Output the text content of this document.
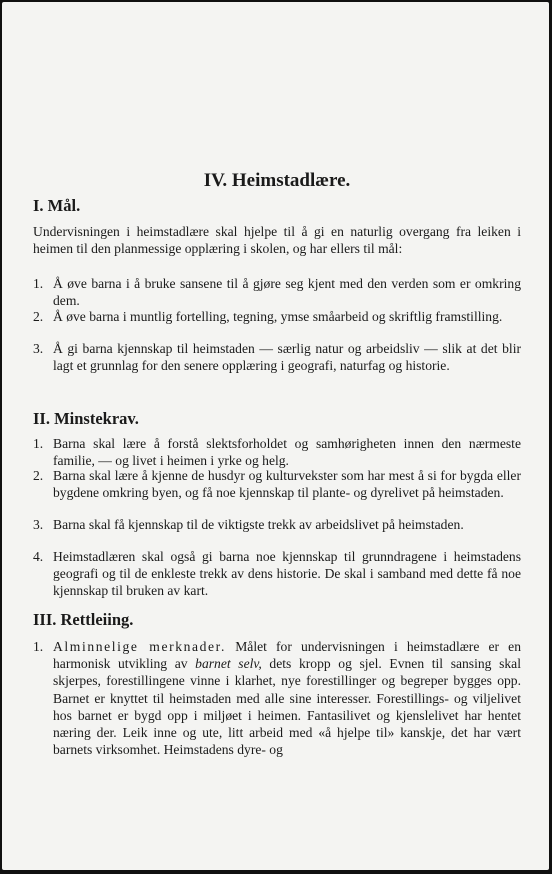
IV. Heimstadlære.
I. Mål.
Undervisningen i heimstadlære skal hjelpe til å gi en naturlig overgang fra leiken i heimen til den planmessige opplæring i skolen, og har ellers til mål:
1. Å øve barna i å bruke sansene til å gjøre seg kjent med den verden som er omkring dem.
2. Å øve barna i muntlig fortelling, tegning, ymse småarbeid og skriftlig framstilling.
3. Å gi barna kjennskap til heimstaden — særlig natur og arbeidsliv — slik at det blir lagt et grunnlag for den senere opplæring i geografi, naturfag og historie.
II. Minstekrav.
1. Barna skal lære å forstå slektsforholdet og samhørigheten innen den nærmeste familie, — og livet i heimen i yrke og helg.
2. Barna skal lære å kjenne de husdyr og kulturvekster som har mest å si for bygda eller bygdene omkring byen, og få noe kjennskap til plante- og dyrelivet på heimstaden.
3. Barna skal få kjennskap til de viktigste trekk av arbeidslivet på heimstaden.
4. Heimstadlæren skal også gi barna noe kjennskap til grunndragene i heimstadens geografi og til de enkleste trekk av dens historie. De skal i samband med dette få noe kjennskap til bruken av kart.
III. Rettleiing.
1. Alminnelige merknader. Målet for undervisningen i heimstadlære er en harmonisk utvikling av barnet selv, dets kropp og sjel. Evnen til sansing skal skjerpes, forestillingene vinne i klarhet, nye forestillinger og begreper bygges opp. Barnet er knyttet til heimstaden med alle sine interesser. Forestillings- og viljelivet hos barnet er bygd opp i miljøet i heimen. Fantasilivet og kjenslelivet har hentet næring der. Leik inne og ute, litt arbeid med «å hjelpe til» kanskje, det har vært barnets virksomhet. Heimstadens dyre- og
